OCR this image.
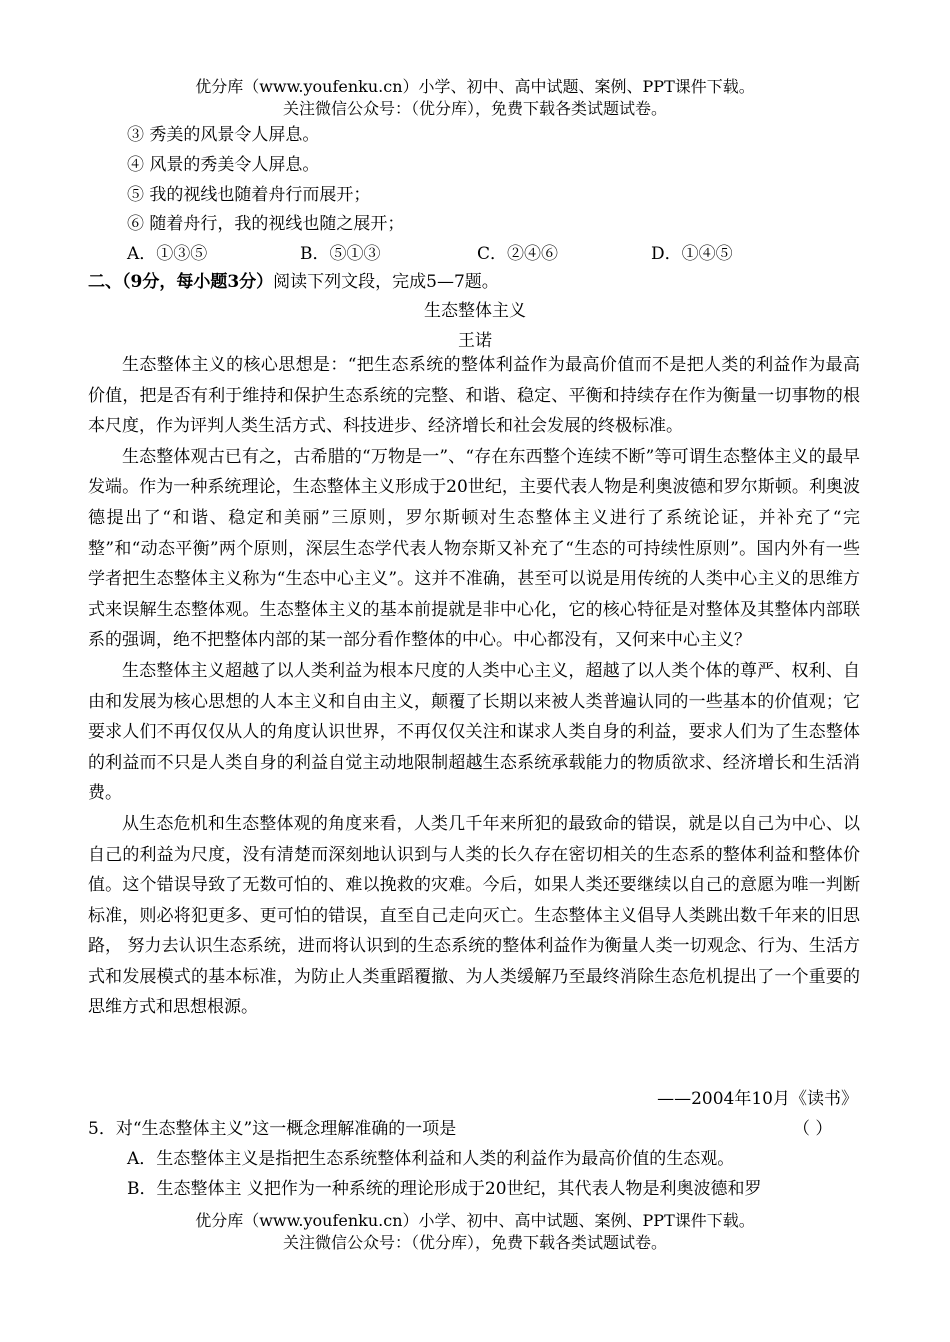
优分库（www.youfenku.cn）小学、初中、高中试题、案例、PPT课件下载。
关注微信公众号：（优分库），免费下载各类试题试卷。
③ 秀美的风景令人屏息。
④ 风景的秀美令人屏息。
⑤ 我的视线也随着舟行而展开；
⑥ 随着舟行，我的视线也随之展开；
A．①③⑤	B．⑤①③	C．②④⑥	D．①④⑤
二、（9分，每小题3分）阅读下列文段，完成5—7题。
生态整体主义
王诺

生态整体主义的核心思想是：“把生态系统的整体利益作为最高价值而不是把人类的利益作为最高价值，把是否有利于维持和保护生态系统的完整、和谐、稳定、平衡和持续存在作为衡量一切事物的根本尺度，作为评判人类生活方式、科技进步、经济增长和社会发展的终极标准。

生态整体观古已有之，古希腊的“万物是一”、“存在东西整个连续不断”等可谓生态整体主义的最早发端。作为一种系统理论，生态整体主义形成于20世纪，主要代表人物是利奥波德和罗尔斯顿。利奥波德提出了“和谐、稳定和美丽”三原则，罗尔斯顿对生态整体主义进行了系统论证，并补充了“完整”和“动态平衡”两个原则，深层生态学代表人物奈斯又补充了“生态的可持续性原则”。国内外有一些学者把生态整体主义称为“生态中心主义”。这并不准确，甚至可以说是用传统的人类中心主义的思维方式来误解生态整体观。生态整体主义的基本前提就是非中心化，它的核心特征是对整体及其整体内部联系的强调，绝不把整体内部的某一部分看作整体的中心。中心都没有，又何来中心主义？

生态整体主义超越了以人类利益为根本尺度的人类中心主义，超越了以人类个体的尊严、权利、自由和发展为核心思想的人本主义和自由主义，颠覆了长期以来被人类普遍认同的一些基本的价值观；它要求人们不再仅仅从人的角度认识世界，不再仅仅关注和谋求人类自身的利益，要求人们为了生态整体的利益而不只是人类自身的利益自觉主动地限制超越生态系统承载能力的物质欲求、经济增长和生活消费。

从生态危机和生态整体观的角度来看，人类几千年来所犯的最致命的错误，就是以自己为中心、以自己的利益为尺度，没有清楚而深刻地认识到与人类的长久存在密切相关的生态系的整体利益和整体价值。这个错误导致了无数可怕的、难以挽救的灾难。今后，如果人类还要继续以自己的意愿为唯一判断标准，则必将犯更多、更可怕的错误，直至自己走向灭亡。生态整体主义倡导人类跳出数千年来的旧思路， 努力去认识生态系统，进而将认识到的生态系统的整体利益作为衡量人类一切观念、行为、生活方式和发展模式的基本标准，为防止人类重蹈覆撤、为人类缓解乃至最终消除生态危机提出了一个重要的思维方式和思想根源。

——2004年10月《读书》
5．对“生态整体主义”这一概念理解准确的一项是	（ ）
A．生态整体主义是指把生态系统整体利益和人类的利益作为最高价值的生态观。
B．生态整体主 义把作为一种系统的理论形成于20世纪，其代表人物是利奥波德和罗
优分库（www.youfenku.cn）小学、初中、高中试题、案例、PPT课件下载。
关注微信公众号：（优分库），免费下载各类试题试卷。
